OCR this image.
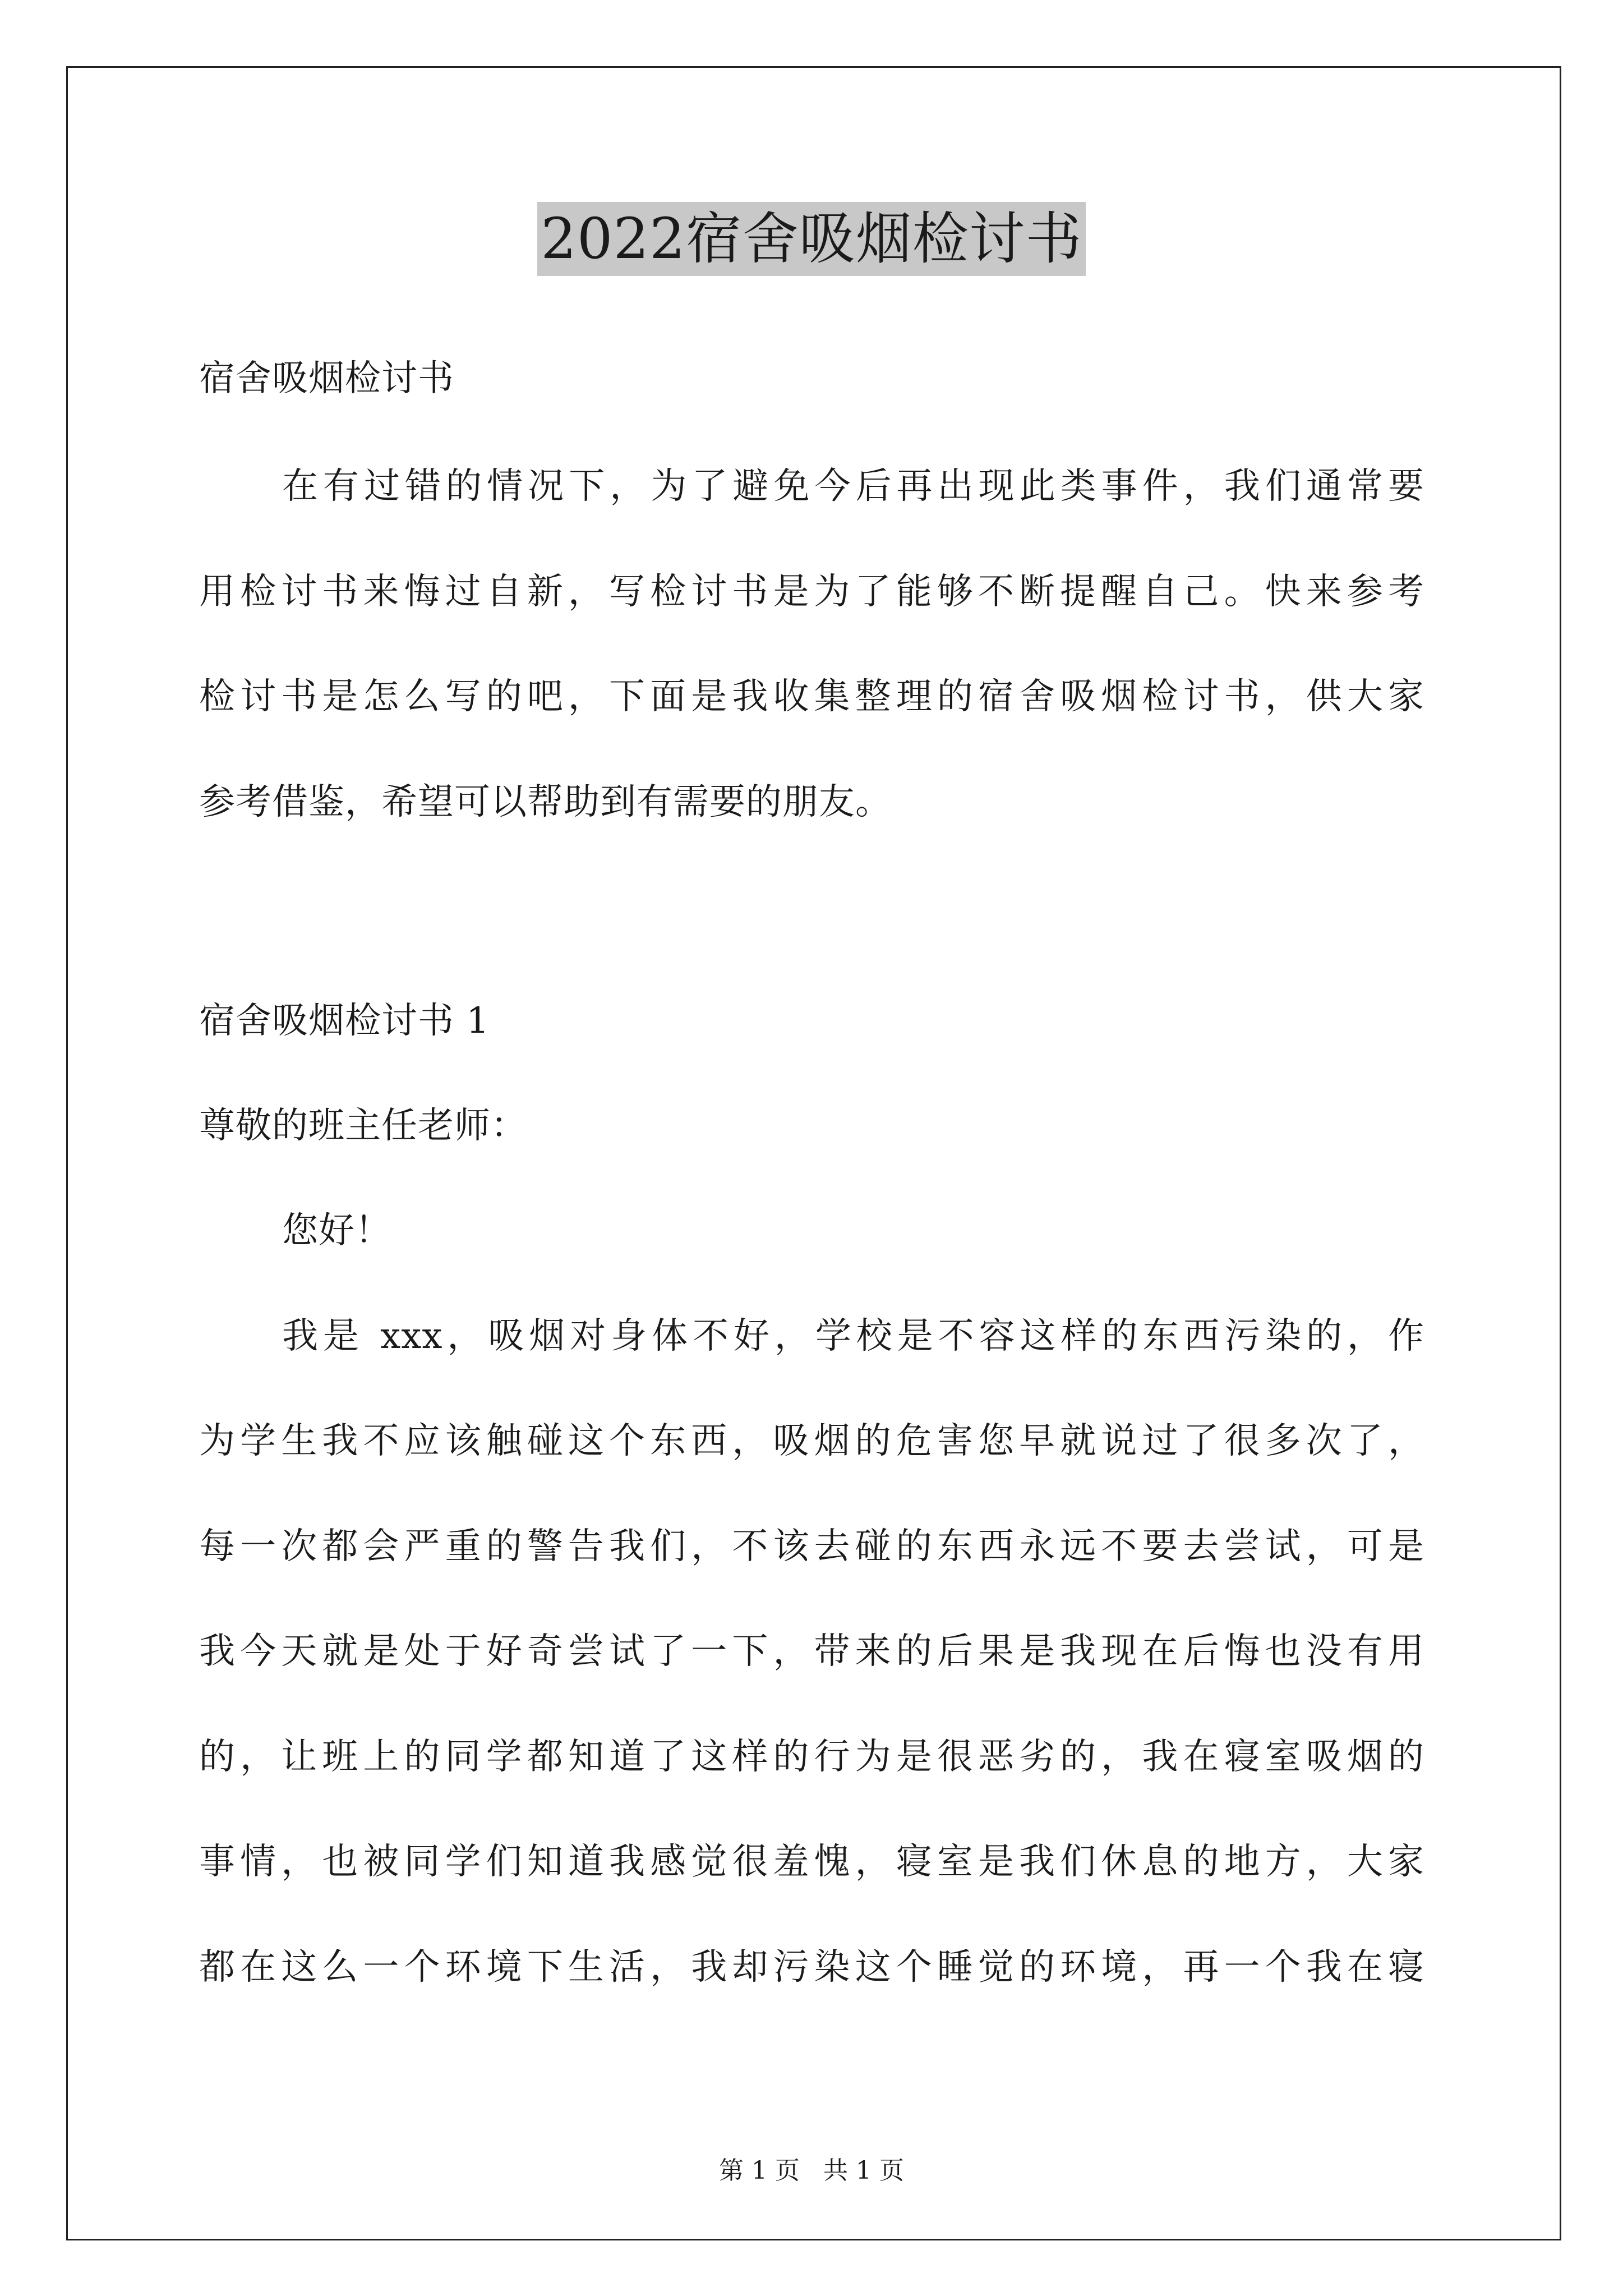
2022宿舍吸烟检讨书
宿舍吸烟检讨书
在有过错的情况下，为了避免今后再出现此类事件，我们通常要
用检讨书来悔过自新，写检讨书是为了能够不断提醒自己。快来参考
检讨书是怎么写的吧，下面是我收集整理的宿舍吸烟检讨书，供大家
参考借鉴，希望可以帮助到有需要的朋友。
宿舍吸烟检讨书 1
尊敬的班主任老师：
您好！
我是 xxx，吸烟对身体不好，学校是不容这样的东西污染的，作
为学生我不应该触碰这个东西，吸烟的危害您早就说过了很多次了，
每一次都会严重的警告我们，不该去碰的东西永远不要去尝试，可是
我今天就是处于好奇尝试了一下，带来的后果是我现在后悔也没有用
的，让班上的同学都知道了这样的行为是很恶劣的，我在寝室吸烟的
事情，也被同学们知道我感觉很羞愧，寝室是我们休息的地方，大家
都在这么一个环境下生活，我却污染这个睡觉的环境，再一个我在寝
第 1 页 共 1 页
